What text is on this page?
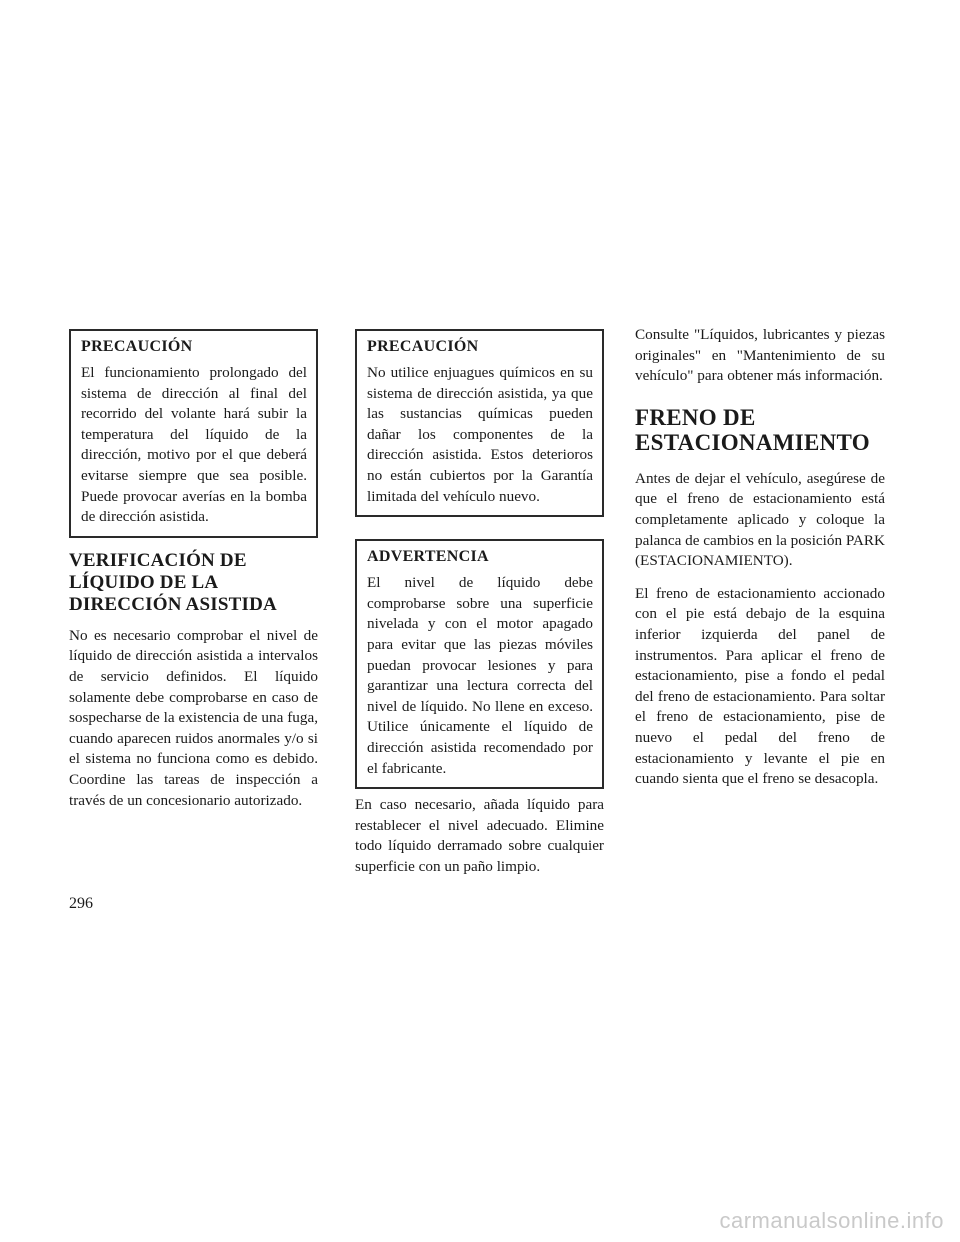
PRECAUCIÓN

El funcionamiento prolongado del sistema de dirección al final del recorrido del volante hará subir la temperatura del líquido de la dirección, motivo por el que deberá evitarse siempre que sea posible. Puede provocar averías en la bomba de dirección asistida.

VERIFICACIÓN DE LÍQUIDO DE LA DIRECCIÓN ASISTIDA

No es necesario comprobar el nivel de líquido de dirección asistida a intervalos de servicio definidos. El líquido solamente debe comprobarse en caso de sospecharse de la existencia de una fuga, cuando aparecen ruidos anormales y/o si el sistema no funciona como es debido. Coordine las tareas de inspección a través de un concesionario autorizado.

PRECAUCIÓN

No utilice enjuagues químicos en su sistema de dirección asistida, ya que las sustancias químicas pueden dañar los componentes de la dirección asistida. Estos deterioros no están cubiertos por la Garantía limitada del vehículo nuevo.

ADVERTENCIA

El nivel de líquido debe comprobarse sobre una superficie nivelada y con el motor apagado para evitar que las piezas móviles puedan provocar lesiones y para garantizar una lectura correcta del nivel de líquido. No llene en exceso. Utilice únicamente el líquido de dirección asistida recomendado por el fabricante.

En caso necesario, añada líquido para restablecer el nivel adecuado. Elimine todo líquido derramado sobre cualquier superficie con un paño limpio.

Consulte "Líquidos, lubricantes y piezas originales" en "Mantenimiento de su vehículo" para obtener más información.

FRENO DE ESTACIONAMIENTO

Antes de dejar el vehículo, asegúrese de que el freno de estacionamiento está completamente aplicado y coloque la palanca de cambios en la posición PARK (ESTACIONAMIENTO).

El freno de estacionamiento accionado con el pie está debajo de la esquina inferior izquierda del panel de instrumentos. Para aplicar el freno de estacionamiento, pise a fondo el pedal del freno de estacionamiento. Para soltar el freno de estacionamiento, pise de nuevo el pedal del freno de estacionamiento y levante el pie en cuando sienta que el freno se desacopla.

296
carmanualsonline.info
